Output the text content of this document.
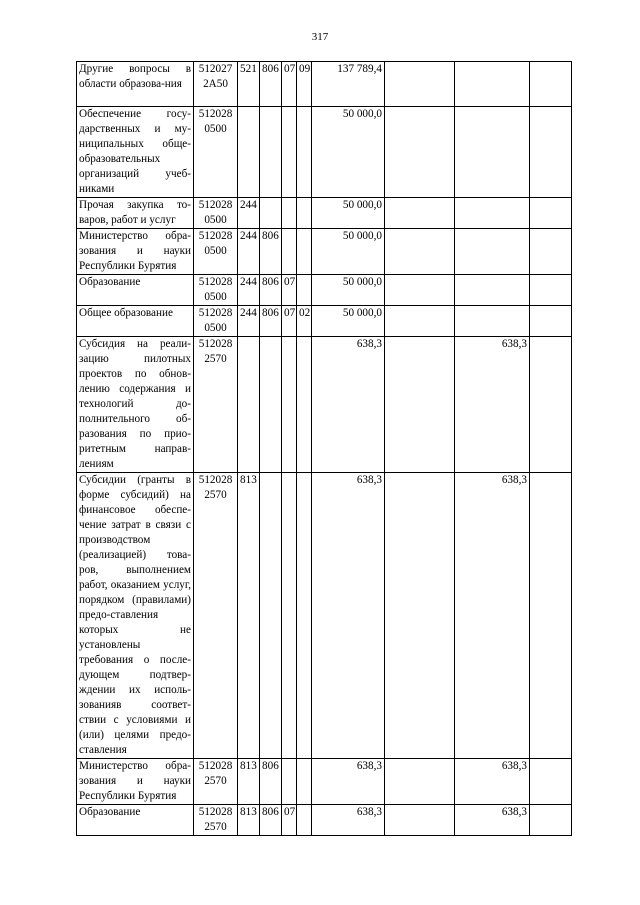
317
Другие вопросы в области образова-ния	512027 2А50	521	806	07	09	137 789,4			
Обеспечение госу-дарственных и му-ниципальных обще-образовательных организаций учеб-никами	512028 0500					50 000,0			
Прочая закупка то-варов, работ и услуг	512028 0500	244				50 000,0			
Министерство обра-зования и науки Республики Бурятия	512028 0500	244	806			50 000,0			
Образование	512028 0500	244	806	07		50 000,0			
Общее образование	512028 0500	244	806	07	02	50 000,0			
Субсидия на реали-зацию пилотных проектов по обнов-лению содержания и технологий до-полнительного об-разования по прио-ритетным направ-лениям	512028 2570					638,3		638,3	
Субсидии (гранты в форме субсидий) на финансовое обеспе-чение затрат в связи с производством (реализацией) това-ров, выполнением работ, оказанием услуг, порядком (правилами) предо-ставления которых не установлены требования о после-дующем подтвер-ждении их исполь-зованияв соответ-ствии с условиями и (или) целями предо-ставления	512028 2570	813				638,3		638,3	
Министерство обра-зования и науки Республики Бурятия	512028 2570	813	806			638,3		638,3	
Образование	512028 2570	813	806	07		638,3		638,3	
